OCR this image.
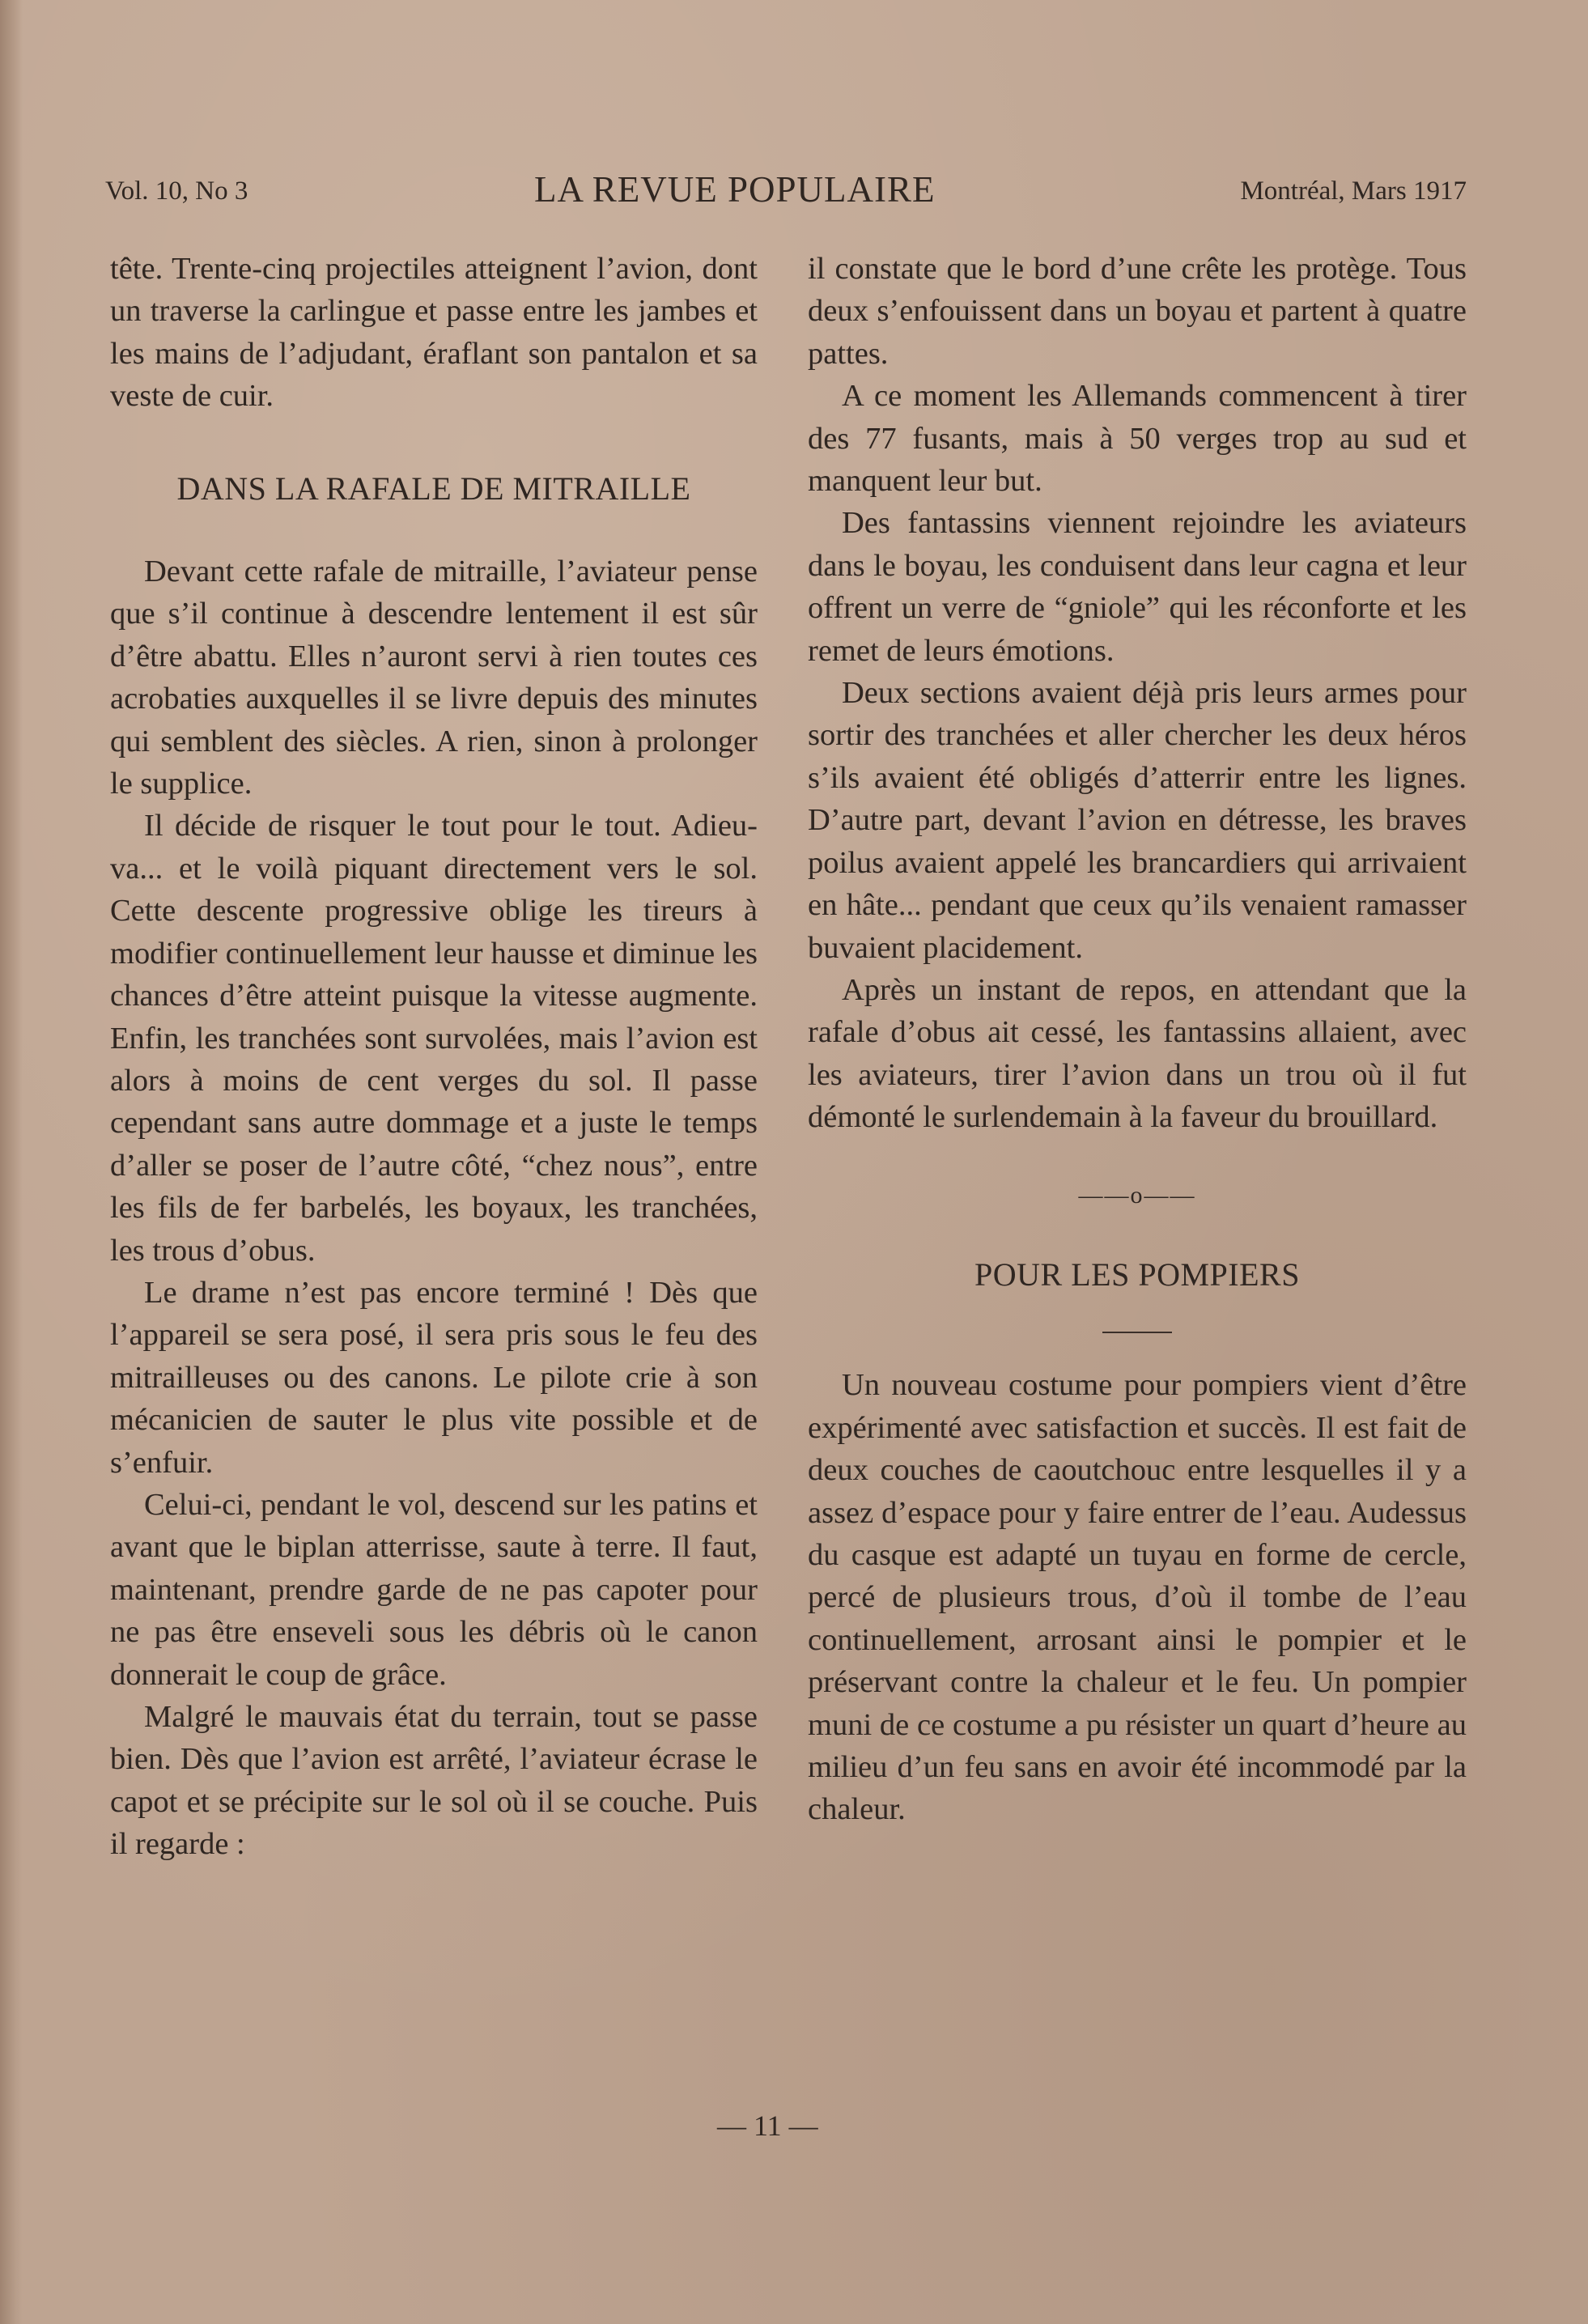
Vol. 10, No 3	LA REVUE POPULAIRE	Montréal, Mars 1917

tête. Trente-cinq projectiles atteignent l’avion, dont un traverse la carlingue et passe entre les jambes et les mains de l’adjudant, éraflant son pantalon et sa veste de cuir.

DANS LA RAFALE DE MITRAILLE

Devant cette rafale de mitraille, l’aviateur pense que s’il continue à descendre lentement il est sûr d’être abattu. Elles n’auront servi à rien toutes ces acrobaties auxquelles il se livre depuis des minutes qui semblent des siècles. A rien, sinon à prolonger le supplice.

Il décide de risquer le tout pour le tout. Adieu-va... et le voilà piquant directement vers le sol. Cette descente progressive oblige les tireurs à modifier continuellement leur hausse et diminue les chances d’être atteint puisque la vitesse augmente. Enfin, les tranchées sont survolées, mais l’avion est alors à moins de cent verges du sol. Il passe cependant sans autre dommage et a juste le temps d’aller se poser de l’autre côté, “chez nous”, entre les fils de fer barbelés, les boyaux, les tranchées, les trous d’obus.

Le drame n’est pas encore terminé ! Dès que l’appareil se sera posé, il sera pris sous le feu des mitrailleuses ou des canons. Le pilote crie à son mécanicien de sauter le plus vite possible et de s’enfuir.

Celui-ci, pendant le vol, descend sur les patins et avant que le biplan atterrisse, saute à terre. Il faut, maintenant, prendre garde de ne pas capoter pour ne pas être enseveli sous les débris où le canon donnerait le coup de grâce.

Malgré le mauvais état du terrain, tout se passe bien. Dès que l’avion est arrêté, l’aviateur écrase le capot et se précipite sur le sol où il se couche. Puis il regarde :

il constate que le bord d’une crête les protège. Tous deux s’enfouissent dans un boyau et partent à quatre pattes.

A ce moment les Allemands commencent à tirer des 77 fusants, mais à 50 verges trop au sud et manquent leur but.

Des fantassins viennent rejoindre les aviateurs dans le boyau, les conduisent dans leur cagna et leur offrent un verre de “gniole” qui les réconforte et les remet de leurs émotions.

Deux sections avaient déjà pris leurs armes pour sortir des tranchées et aller chercher les deux héros s’ils avaient été obligés d’atterrir entre les lignes. D’autre part, devant l’avion en détresse, les braves poilus avaient appelé les brancardiers qui arrivaient en hâte... pendant que ceux qu’ils venaient ramasser buvaient placidement.

Après un instant de repos, en attendant que la rafale d’obus ait cessé, les fantassins allaient, avec les aviateurs, tirer l’avion dans un trou où il fut démonté le surlendemain à la faveur du brouillard.

——o——
POUR LES POMPIERS

Un nouveau costume pour pompiers vient d’être expérimenté avec satisfaction et succès. Il est fait de deux couches de caoutchouc entre lesquelles il y a assez d’espace pour y faire entrer de l’eau. Audessus du casque est adapté un tuyau en forme de cercle, percé de plusieurs trous, d’où il tombe de l’eau continuellement, arrosant ainsi le pompier et le préservant contre la chaleur et le feu. Un pompier muni de ce costume a pu résister un quart d’heure au milieu d’un feu sans en avoir été incommodé par la chaleur.

— 11 —
